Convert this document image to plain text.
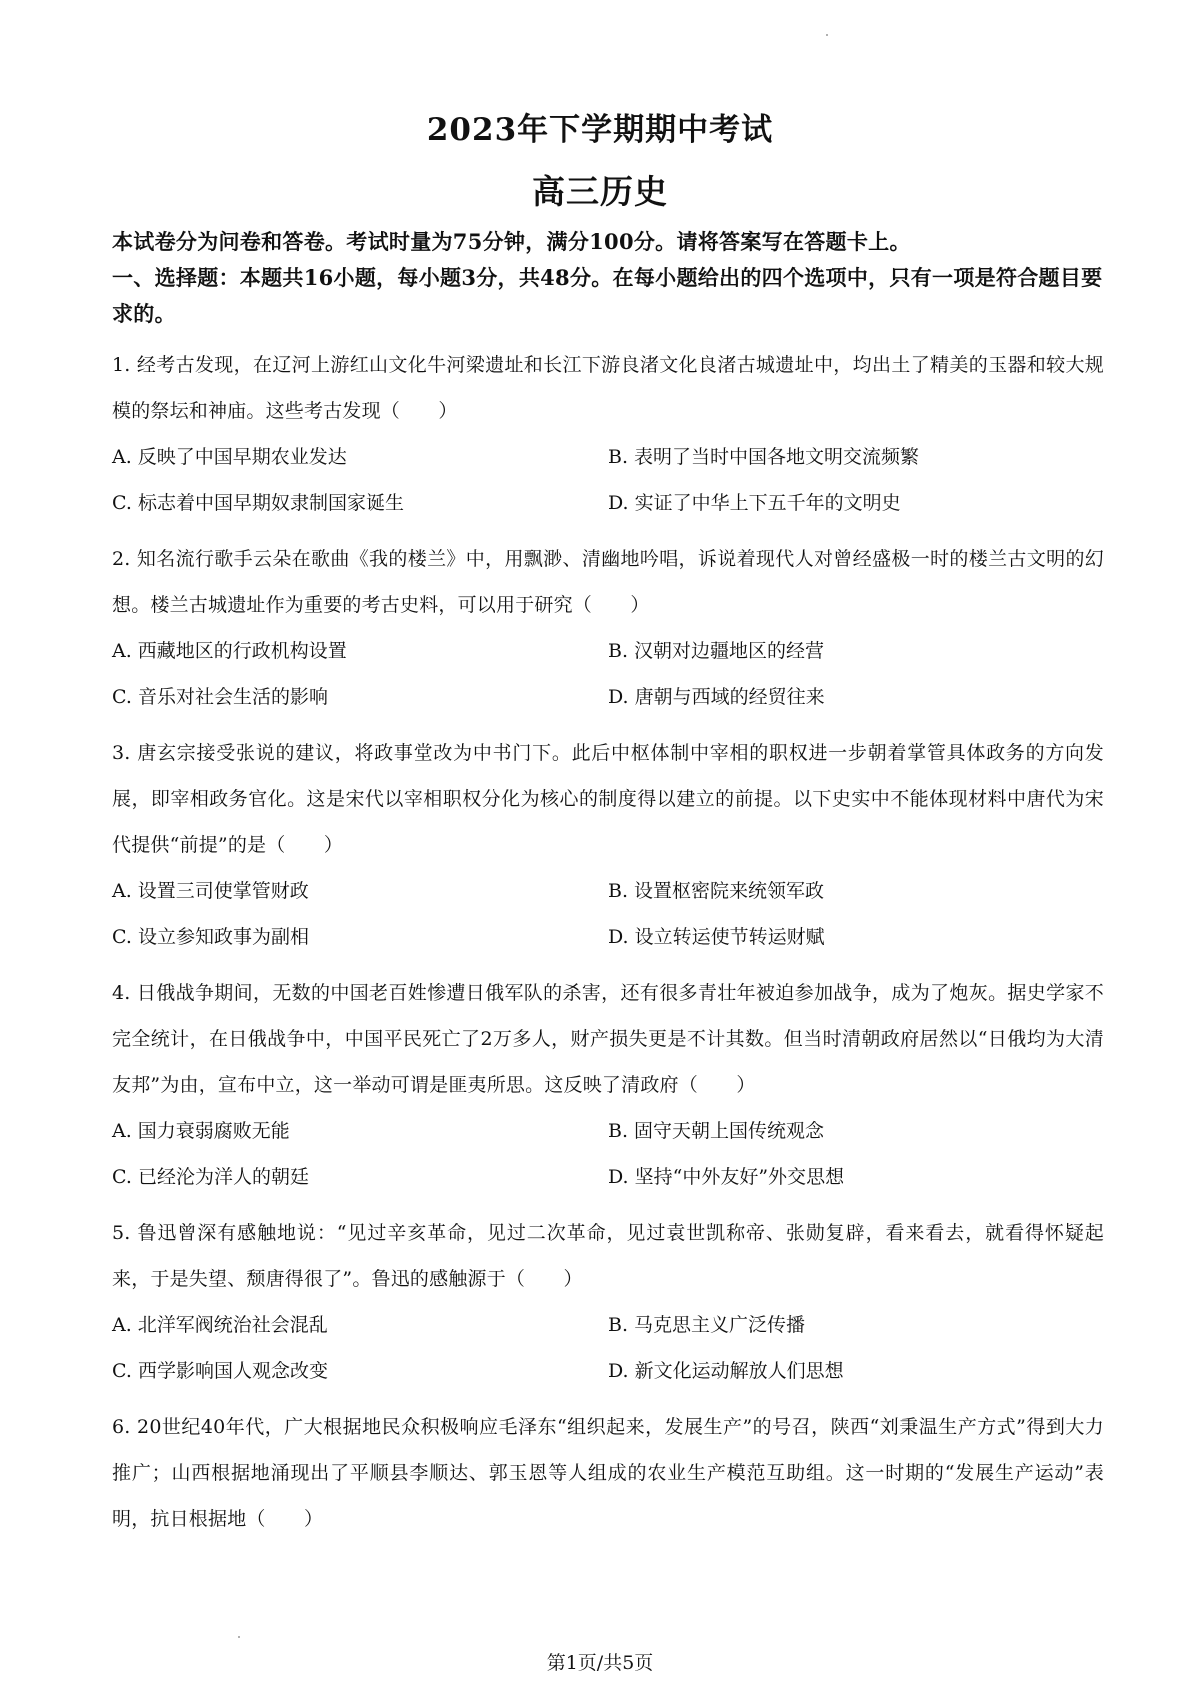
2023年下学期期中考试
高三历史
本试卷分为问卷和答卷。考试时量为75分钟，满分100分。请将答案写在答题卡上。
一、选择题：本题共16小题，每小题3分，共48分。在每小题给出的四个选项中，只有一项是符合题目要求的。
1. 经考古发现，在辽河上游红山文化牛河梁遗址和长江下游良渚文化良渚古城遗址中，均出土了精美的玉器和较大规模的祭坛和神庙。这些考古发现（　　）
A. 反映了中国早期农业发达	B. 表明了当时中国各地文明交流频繁
C. 标志着中国早期奴隶制国家诞生	D. 实证了中华上下五千年的文明史
2. 知名流行歌手云朵在歌曲《我的楼兰》中，用飘渺、清幽地吟唱，诉说着现代人对曾经盛极一时的楼兰古文明的幻想。楼兰古城遗址作为重要的考古史料，可以用于研究（　　）
A. 西藏地区的行政机构设置	B. 汉朝对边疆地区的经营
C. 音乐对社会生活的影响	D. 唐朝与西域的经贸往来
3. 唐玄宗接受张说的建议，将政事堂改为中书门下。此后中枢体制中宰相的职权进一步朝着掌管具体政务的方向发展，即宰相政务官化。这是宋代以宰相职权分化为核心的制度得以建立的前提。以下史实中不能体现材料中唐代为宋代提供“前提”的是（　　）
A. 设置三司使掌管财政	B. 设置枢密院来统领军政
C. 设立参知政事为副相	D. 设立转运使节转运财赋
4. 日俄战争期间，无数的中国老百姓惨遭日俄军队的杀害，还有很多青壮年被迫参加战争，成为了炮灰。据史学家不完全统计，在日俄战争中，中国平民死亡了2万多人，财产损失更是不计其数。但当时清朝政府居然以“日俄均为大清友邦”为由，宣布中立，这一举动可谓是匪夷所思。这反映了清政府（　　）
A. 国力衰弱腐败无能	B. 固守天朝上国传统观念
C. 已经沦为洋人的朝廷	D. 坚持“中外友好”外交思想
5. 鲁迅曾深有感触地说：“见过辛亥革命，见过二次革命，见过袁世凯称帝、张勋复辟，看来看去，就看得怀疑起来，于是失望、颓唐得很了”。鲁迅的感触源于（　　）
A. 北洋军阀统治社会混乱	B. 马克思主义广泛传播
C. 西学影响国人观念改变	D. 新文化运动解放人们思想
6. 20世纪40年代，广大根据地民众积极响应毛泽东“组织起来，发展生产”的号召，陕西“刘秉温生产方式”得到大力推广；山西根据地涌现出了平顺县李顺达、郭玉恩等人组成的农业生产模范互助组。这一时期的“发展生产运动”表明，抗日根据地（　　）
第1页/共5页
